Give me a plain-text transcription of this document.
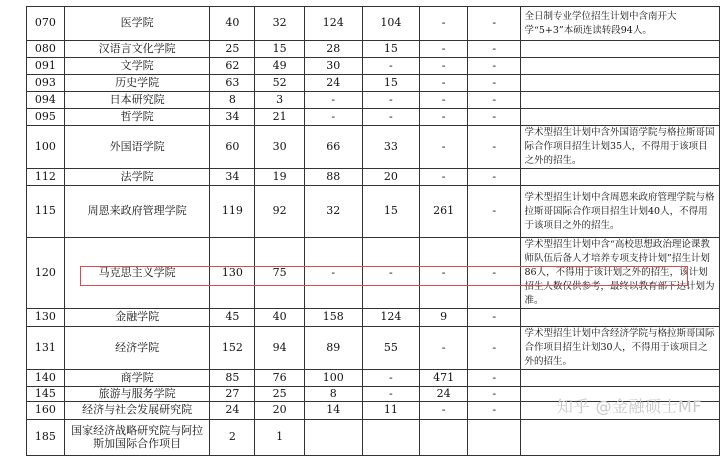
070	医学院	40	32	124	104	-	-	全日制专业学位招生计划中含南开大学“5+3”本硕连读转段94人。
080	汉语言文化学院	25	15	28	15	-	-	
091	文学院	62	49	30	-	-	-	
093	历史学院	63	52	24	15	-	-	
094	日本研究院	8	3	-	-	-	-	
095	哲学院	34	21	-	-	-	-	
100	外国语学院	60	30	66	33	-	-	学术型招生计划中含外国语学院与格拉斯哥国际合作项目招生计划35人，不得用于该项目之外的招生。
112	法学院	34	19	88	20	-	-	
115	周恩来政府管理学院	119	92	32	15	261	-	学术型招生计划中含周恩来政府管理学院与格拉斯哥国际合作项目招生计划40人，不得用于该项目之外的招生。
120	马克思主义学院	130	75	-	-	-	-	学术型招生计划中含“高校思想政治理论课教师队伍后备人才培养专项支持计划”招生计划86人，不得用于该计划之外的招生，该计划招生人数仅供参考，最终以教育部下达计划为准。
130	金融学院	45	40	158	124	9	-	
131	经济学院	152	94	89	55	-	-	学术型招生计划中含经济学院与格拉斯哥国际合作项目招生计划30人，不得用于该项目之外的招生。
140	商学院	85	76	100	-	471	-	
145	旅游与服务学院	27	25	8	-	24	-	
160	经济与社会发展研究院	24	20	14	11	-	-	
185	国家经济战略研究院与阿拉斯加国际合作项目	2	1					
知乎 @金融硕士MF
